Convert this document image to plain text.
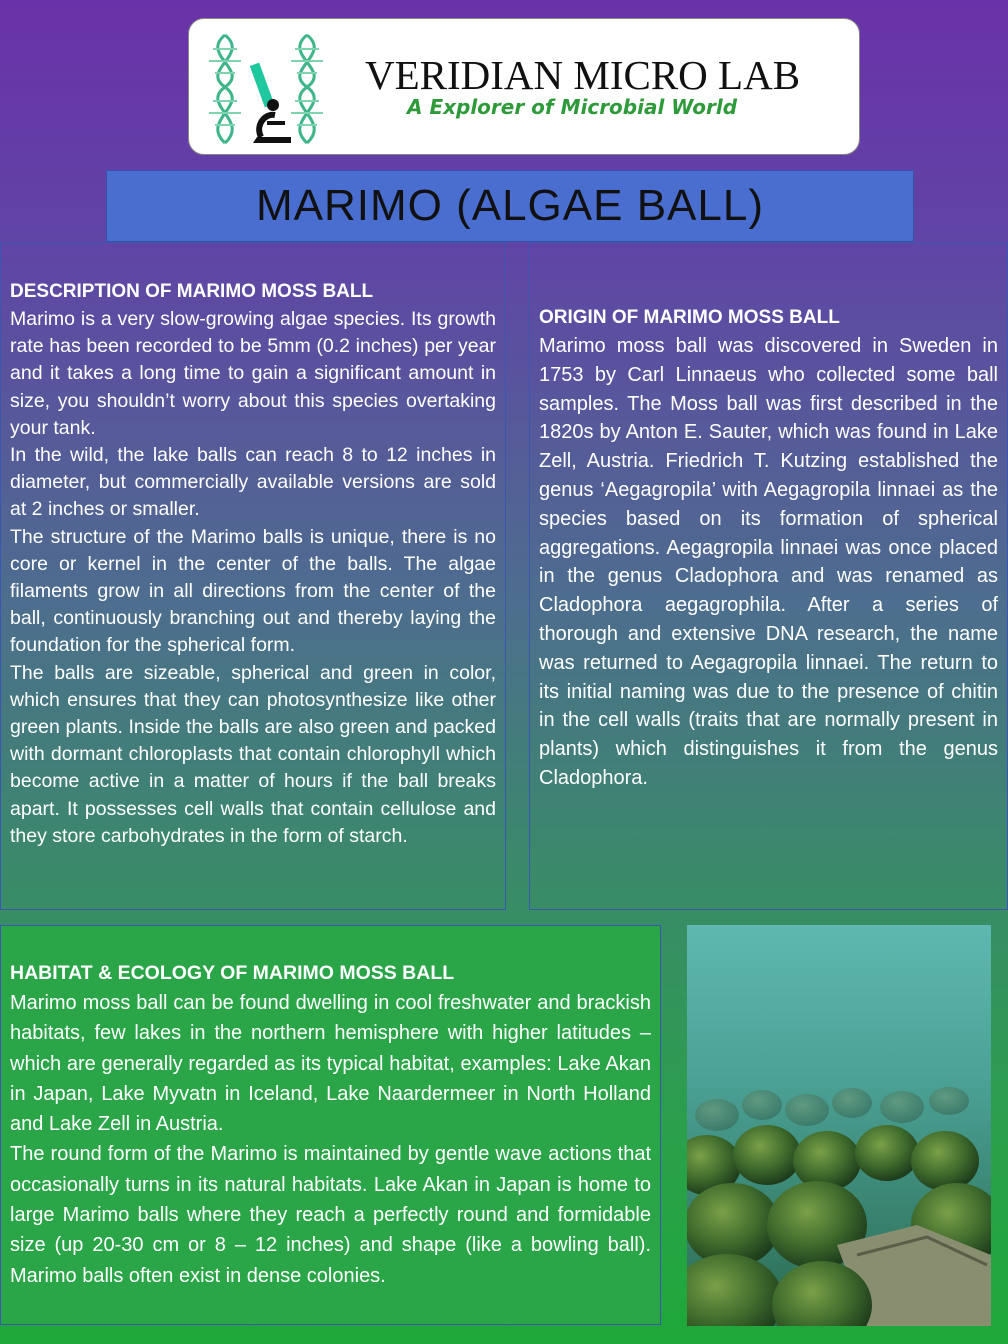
VERIDIAN MICRO LAB
A Explorer of Microbial World
MARIMO (ALGAE BALL)
DESCRIPTION OF MARIMO MOSS BALL

Marimo is a very slow-growing algae species. Its growth rate has been recorded to be 5mm (0.2 inches) per year and it takes a long time to gain a significant amount in size, you shouldn’t worry about this species overtaking your tank.

In the wild, the lake balls can reach 8 to 12 inches in diameter, but commercially available versions are sold at 2 inches or smaller.

The structure of the Marimo balls is unique, there is no core or kernel in the center of the balls. The algae filaments grow in all directions from the center of the ball, continuously branching out and thereby laying the foundation for the spherical form.

The balls are sizeable, spherical and green in color, which ensures that they can photosynthesize like other green plants. Inside the balls are also green and packed with dormant chloroplasts that contain chlorophyll which become active in a matter of hours if the ball breaks apart. It possesses cell walls that contain cellulose and they store carbohydrates in the form of starch.

ORIGIN OF MARIMO MOSS BALL

Marimo moss ball was discovered in Sweden in 1753 by Carl Linnaeus who collected some ball samples. The Moss ball was first described in the 1820s by Anton E. Sauter, which was found in Lake Zell, Austria. Friedrich T. Kutzing established the genus ‘Aegagropila’ with Aegagropila linnaei as the species based on its formation of spherical aggregations. Aegagropila linnaei was once placed in the genus Cladophora and was renamed as Cladophora aegagrophila. After a series of thorough and extensive DNA research, the name was returned to Aegagropila linnaei. The return to its initial naming was due to the presence of chitin in the cell walls (traits that are normally present in plants) which distinguishes it from the genus Cladophora.

HABITAT & ECOLOGY OF MARIMO MOSS BALL

Marimo moss ball can be found dwelling in cool freshwater and brackish habitats, few lakes in the northern hemisphere with higher latitudes – which are generally regarded as its typical habitat, examples: Lake Akan in Japan, Lake Myvatn in Iceland, Lake Naardermeer in North Holland and Lake Zell in Austria.

The round form of the Marimo is maintained by gentle wave actions that occasionally turns in its natural habitats. Lake Akan in Japan is home to large Marimo balls where they reach a perfectly round and formidable size (up 20-30 cm or 8 – 12 inches) and shape (like a bowling ball). Marimo balls often exist in dense colonies.
